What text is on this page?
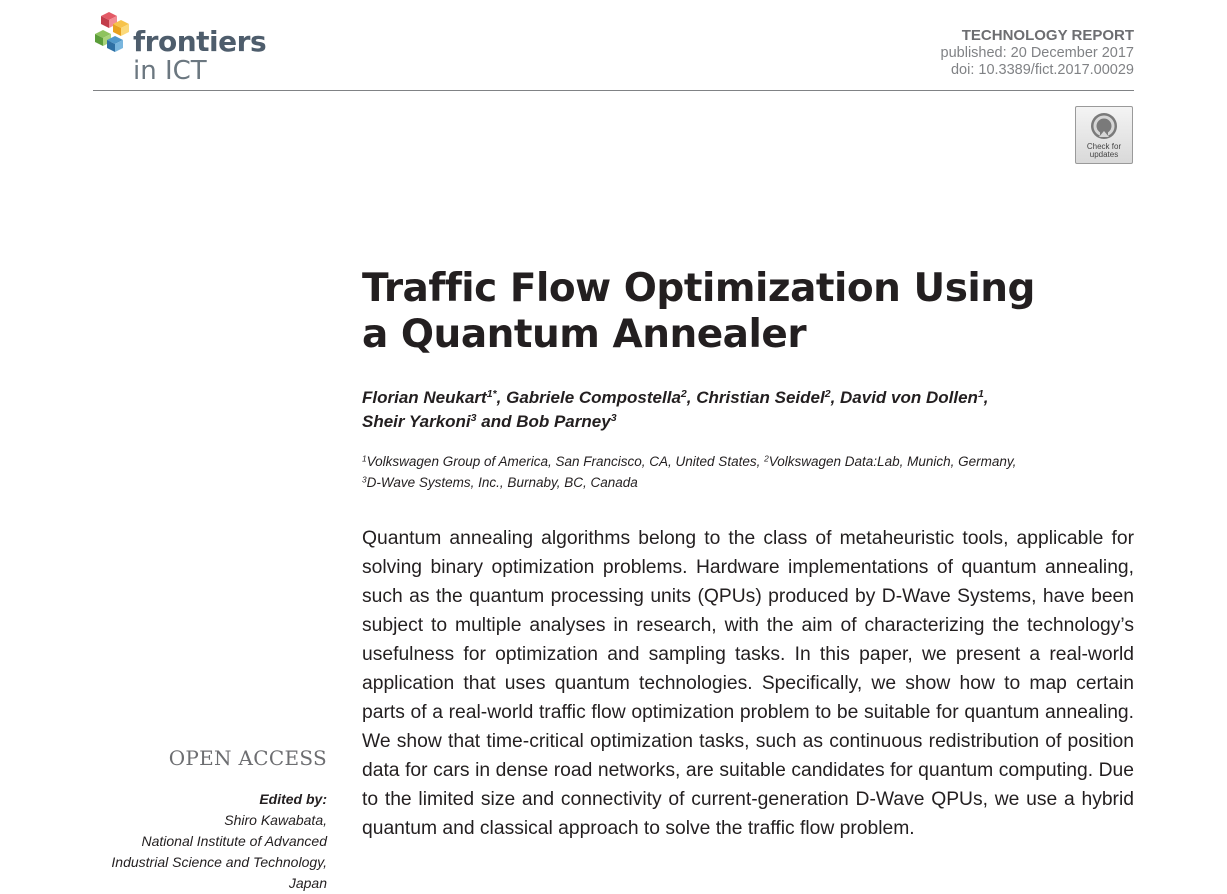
frontiers
in ICT
TECHNOLOGY REPORT
published: 20 December 2017
doi: 10.3389/fict.2017.00029
Check for
updates
Traffic Flow Optimization Using
a Quantum Annealer
Florian Neukart$^{1*}$, Gabriele Compostella$^2$, Christian Seidel$^2$, David von Dollen$^1$,
Sheir Yarkoni$^3$ and Bob Parney$^3$
$^1$Volkswagen Group of America, San Francisco, CA, United States, $^2$Volkswagen Data:Lab, Munich, Germany,
$^3$D-Wave Systems, Inc., Burnaby, BC, Canada

Quantum annealing algorithms belong to the class of metaheuristic tools, applicable for solving binary optimization problems. Hardware implementations of quantum annealing, such as the quantum processing units (QPUs) produced by D-Wave Systems, have been subject to multiple analyses in research, with the aim of characterizing the technology’s usefulness for optimization and sampling tasks. In this paper, we present a real-world application that uses quantum technologies. Specifically, we show how to map certain parts of a real-world traffic flow optimization problem to be suitable for quantum annealing. We show that time-critical optimization tasks, such as continuous redistribution of position data for cars in dense road networks, are suitable candidates for quantum computing. Due to the limited size and connectivity of current-generation D-Wave QPUs, we use a hybrid quantum and classical approach to solve the traffic flow problem.

OPEN ACCESS
Edited by:
Shiro Kawabata,
National Institute of Advanced
Industrial Science and Technology,
Japan
